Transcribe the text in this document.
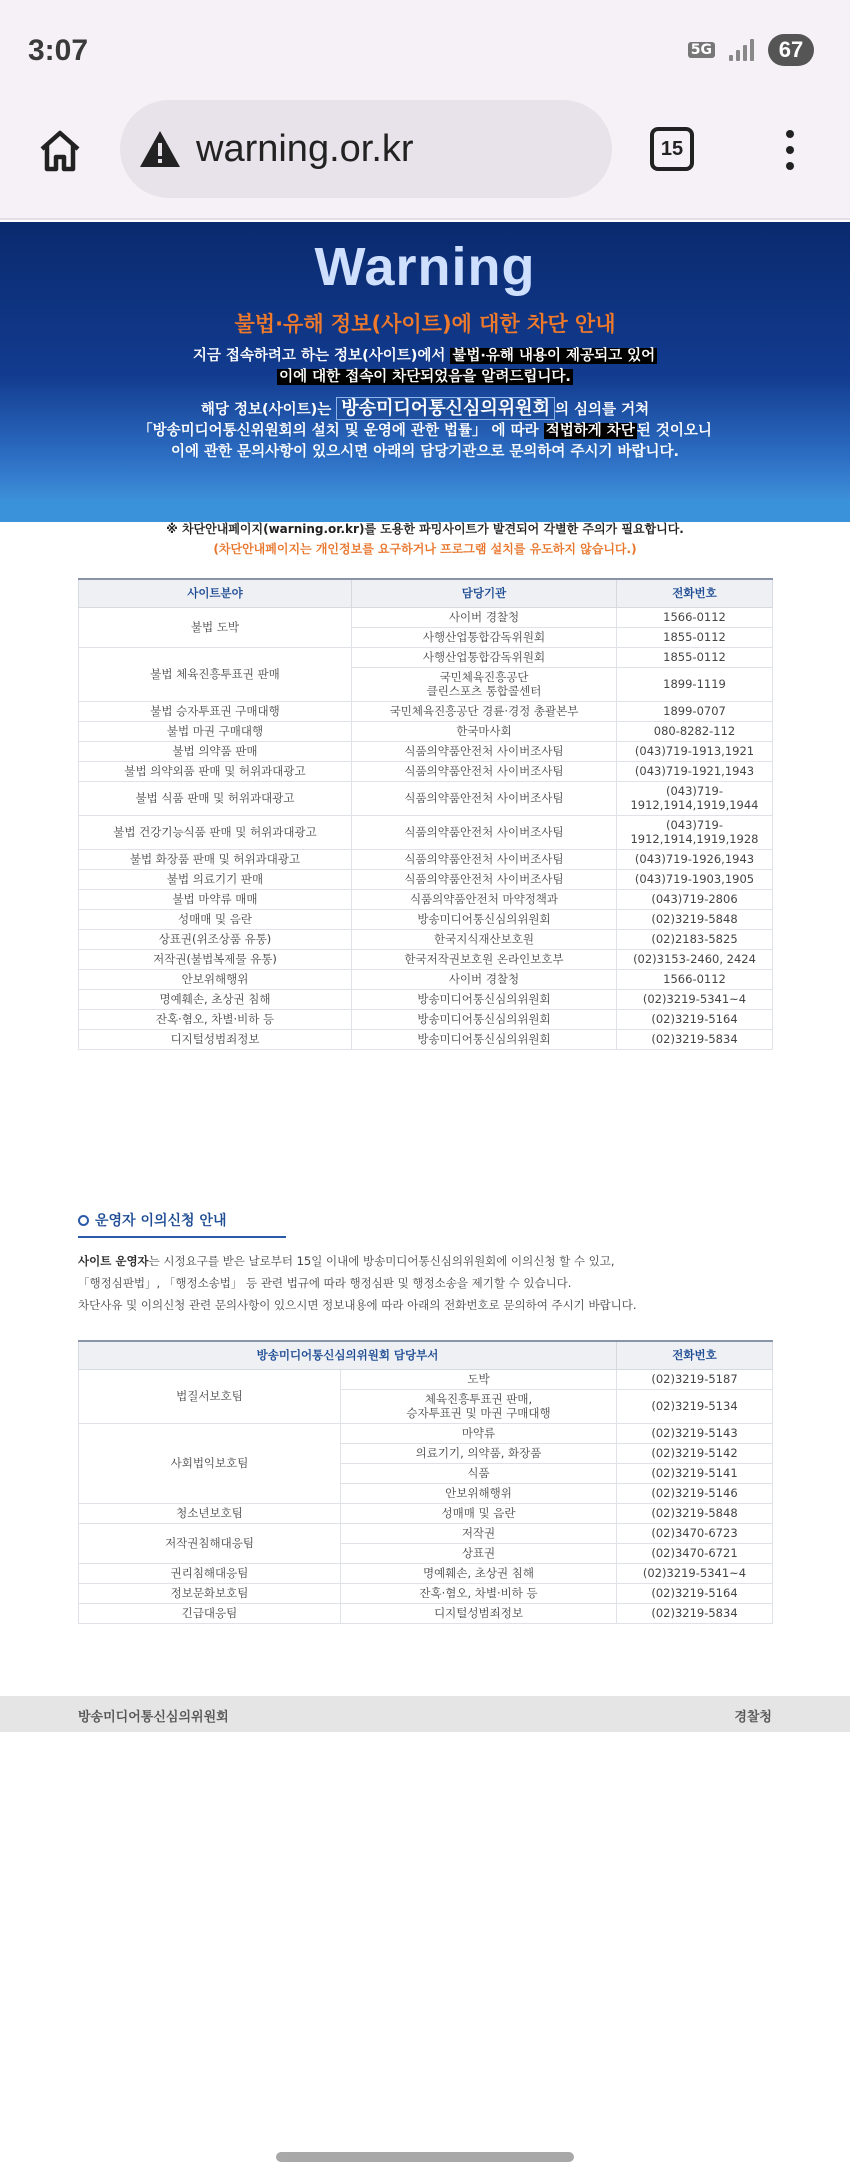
3:07	5G	67
warning.or.kr	15
Warning
불법·유해 정보(사이트)에 대한 차단 안내
지금 접속하려고 하는 정보(사이트)에서 불법·유해 내용이 제공되고 있어
이에 대한 접속이 차단되었음을 알려드립니다.
해당 정보(사이트)는 방송미디어통신심의위원회 의 심의를 거쳐
「방송미디어통신위원회의 설치 및 운영에 관한 법률」 에 따라 적법하게 차단 된 것이오니
이에 관한 문의사항이 있으시면 아래의 담당기관으로 문의하여 주시기 바랍니다.
※ 차단안내페이지(warning.or.kr)를 도용한 파밍사이트가 발견되어 각별한 주의가 필요합니다.
(차단안내페이지는 개인정보를 요구하거나 프로그램 설치를 유도하지 않습니다.)
사이트분야	담당기관	전화번호
불법 도박	사이버 경찰청	1566-0112
	사행산업통합감독위원회	1855-0112
불법 체육진흥투표권 판매	사행산업통합감독위원회	1855-0112
	국민체육진흥공단
클린스포츠 통합콜센터	1899-1119
불법 승자투표권 구매대행	국민체육진흥공단 경륜·경정 총괄본부	1899-0707
불법 마권 구매대행	한국마사회	080-8282-112
불법 의약품 판매	식품의약품안전처 사이버조사팀	(043)719-1913,1921
불법 의약외품 판매 및 허위과대광고	식품의약품안전처 사이버조사팀	(043)719-1921,1943
불법 식품 판매 및 허위과대광고	식품의약품안전처 사이버조사팀	(043)719-
1912,1914,1919,1944
불법 건강기능식품 판매 및 허위과대광고	식품의약품안전처 사이버조사팀	(043)719-
1912,1914,1919,1928
불법 화장품 판매 및 허위과대광고	식품의약품안전처 사이버조사팀	(043)719-1926,1943
불법 의료기기 판매	식품의약품안전처 사이버조사팀	(043)719-1903,1905
불법 마약류 매매	식품의약품안전처 마약정책과	(043)719-2806
성매매 및 음란	방송미디어통신심의위원회	(02)3219-5848
상표권(위조상품 유통)	한국지식재산보호원	(02)2183-5825
저작권(불법복제물 유통)	한국저작권보호원 온라인보호부	(02)3153-2460, 2424
안보위해행위	사이버 경찰청	1566-0112
명예훼손, 초상권 침해	방송미디어통신심의위원회	(02)3219-5341~4
잔혹·혐오, 차별·비하 등	방송미디어통신심의위원회	(02)3219-5164
디지털성범죄정보	방송미디어통신심의위원회	(02)3219-5834
운영자 이의신청 안내
사이트 운영자는 시정요구를 받은 날로부터 15일 이내에 방송미디어통신심의위원회에 이의신청 할 수 있고,
「행정심판법」, 「행정소송법」 등 관련 법규에 따라 행정심판 및 행정소송을 제기할 수 있습니다.
차단사유 및 이의신청 관련 문의사항이 있으시면 정보내용에 따라 아래의 전화번호로 문의하여 주시기 바랍니다.
방송미디어통신심의위원회 담당부서		전화번호
법질서보호팀	도박	(02)3219-5187
	체육진흥투표권 판매,
승자투표권 및 마권 구매대행	(02)3219-5134
사회법익보호팀	마약류	(02)3219-5143
	의료기기, 의약품, 화장품	(02)3219-5142
	식품	(02)3219-5141
	안보위해행위	(02)3219-5146
청소년보호팀	성매매 및 음란	(02)3219-5848
저작권침해대응팀	저작권	(02)3470-6723
	상표권	(02)3470-6721
권리침해대응팀	명예훼손, 초상권 침해	(02)3219-5341~4
정보문화보호팀	잔혹·혐오, 차별·비하 등	(02)3219-5164
긴급대응팀	디지털성범죄정보	(02)3219-5834
방송미디어통신심의위원회	경찰청
